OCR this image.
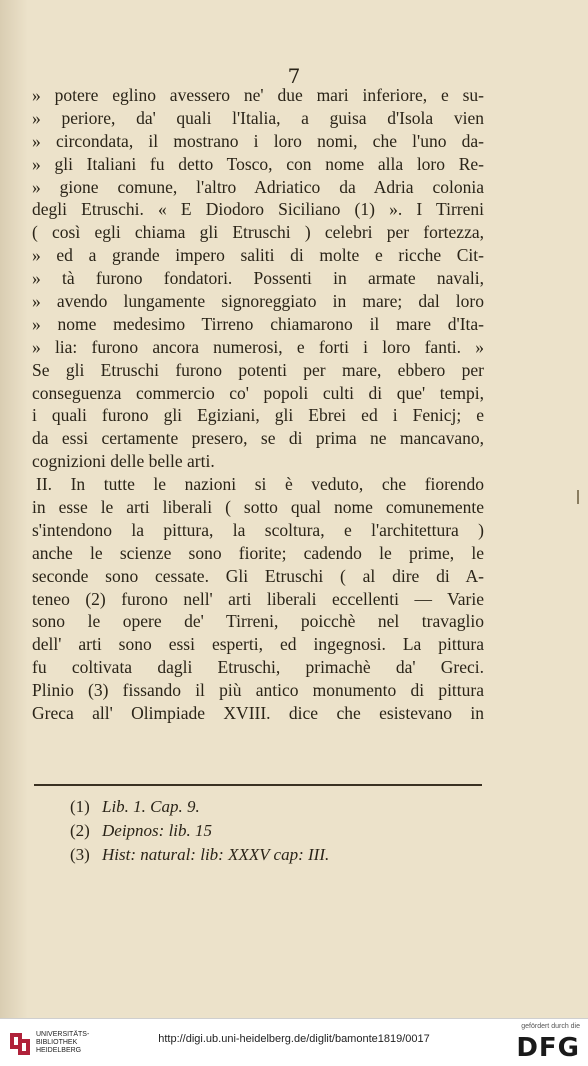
7
» potere eglino avessero ne' due mari inferiore, e su-
» periore, da' quali l'Italia, a guisa d'Isola vien
» circondata, il mostrano i loro nomi, che l'uno da-
» gli Italiani fu detto Tosco, con nome alla loro Re-
» gione comune, l'altro Adriatico da Adria colonia
degli Etruschi. « E Diodoro Siciliano (1) ». I Tirreni
( così egli chiama gli Etruschi ) celebri per fortezza,
» ed a grande impero saliti di molte e ricche Cit-
» tà furono fondatori. Possenti in armate navali,
» avendo lungamente signoreggiato in mare; dal loro
» nome medesimo Tirreno chiamarono il mare d'Ita-
» lia: furono ancora numerosi, e forti i loro fanti. »
Se gli Etruschi furono potenti per mare, ebbero per
conseguenza commercio co' popoli culti di que' tempi,
i quali furono gli Egiziani, gli Ebrei ed i Fenicj; e
da essi certamente presero, se di prima ne mancavano,
cognizioni delle belle arti.
II. In tutte le nazioni si è veduto, che fiorendo
in esse le arti liberali ( sotto qual nome comunemente
s'intendono la pittura, la scoltura, e l'architettura )
anche le scienze sono fiorite; cadendo le prime, le
seconde sono cessate. Gli Etruschi ( al dire di A-
teneo (2) furono nell' arti liberali eccellenti — Varie
sono le opere de' Tirreni, poicchè nel travaglio
dell' arti sono essi esperti, ed ingegnosi. La pittura
fu coltivata dagli Etruschi, primachè da' Greci.
Plinio (3) fissando il più antico monumento di pittura
Greca all' Olimpiade XVIII. dice che esistevano in
(1) Lib. 1. Cap. 9.
(2) Deipnos: lib. 15
(3) Hist: natural: lib: XXXV cap: III.
UNIVERSITÄTS-
BIBLIOTHEK
HEIDELBERG
http://digi.ub.uni-heidelberg.de/diglit/bamonte1819/0017
gefördert durch die
DFG
